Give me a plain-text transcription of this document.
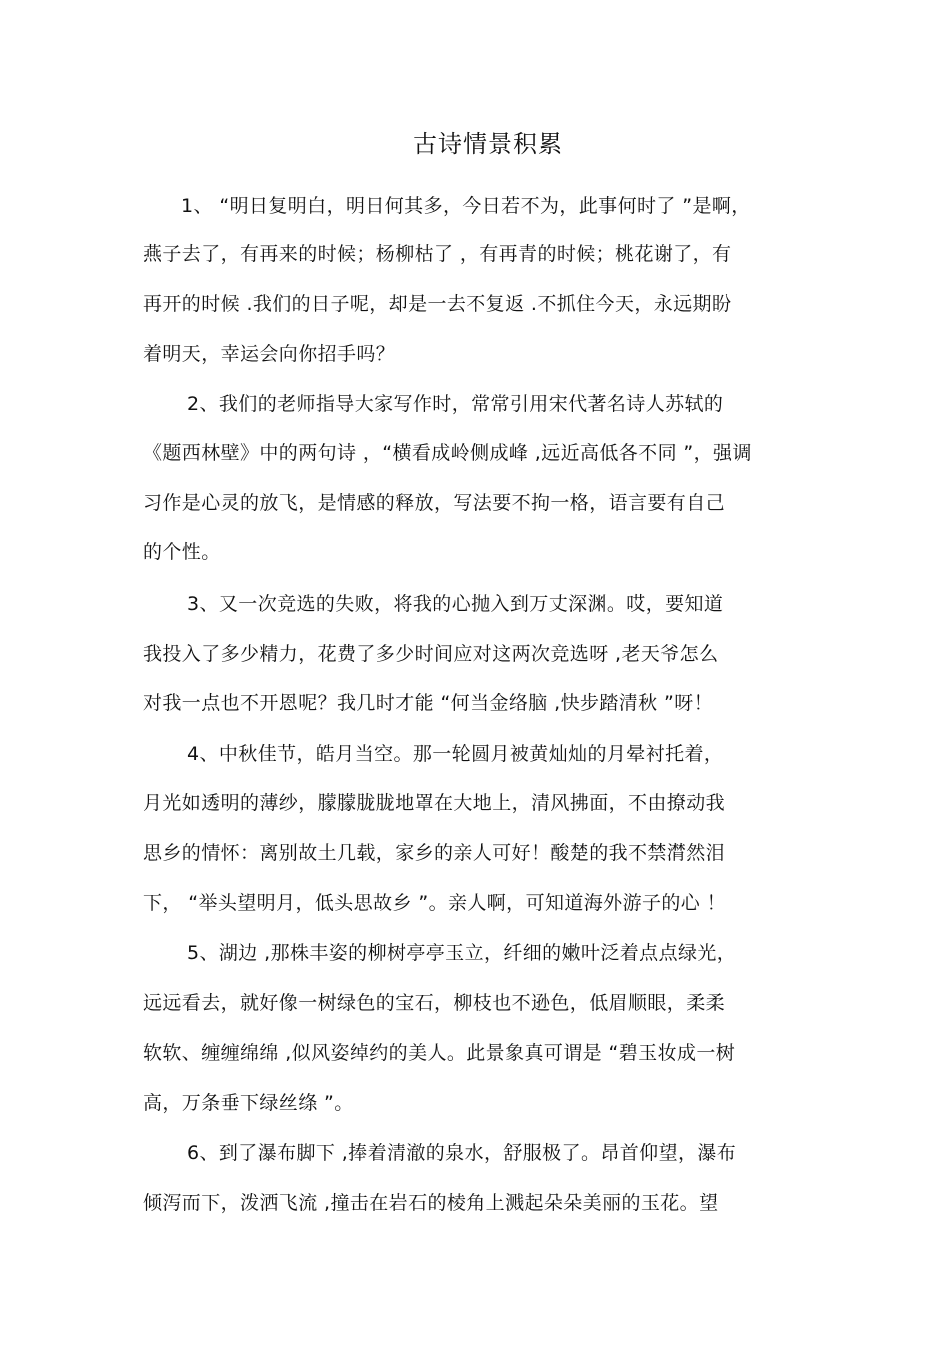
古诗情景积累
1、 “明日复明白，明日何其多，今日若不为，此事何时了 ”是啊，
燕子去了，有再来的时候；杨柳枯了 ，有再青的时候；桃花谢了，有
再开的时候 .我们的日子呢，却是一去不复返 .不抓住今天，永远期盼
着明天，幸运会向你招手吗？
2、我们的老师指导大家写作时，常常引用宋代著名诗人苏轼的
《题西林壁》中的两句诗 ，“横看成岭侧成峰 ,远近高低各不同 ”，强调
习作是心灵的放飞，是情感的释放，写法要不拘一格，语言要有自己
的个性。
3、又一次竞选的失败，将我的心抛入到万丈深渊。哎，要知道
我投入了多少精力，花费了多少时间应对这两次竞选呀 ,老天爷怎么
对我一点也不开恩呢？我几时才能 “何当金络脑 ,快步踏清秋 ”呀！
4、中秋佳节，皓月当空。那一轮圆月被黄灿灿的月晕衬托着，
月光如透明的薄纱，朦朦胧胧地罩在大地上，清风拂面，不由撩动我
思乡的情怀：离别故土几载，家乡的亲人可好！酸楚的我不禁潸然泪
下， “举头望明月，低头思故乡 ”。亲人啊，可知道海外游子的心 ！
5、湖边 ,那株丰姿的柳树亭亭玉立，纤细的嫩叶泛着点点绿光，
远远看去，就好像一树绿色的宝石，柳枝也不逊色，低眉顺眼，柔柔
软软、缠缠绵绵 ,似风姿绰约的美人。此景象真可谓是 “碧玉妆成一树
高，万条垂下绿丝绦 ”。
6、到了瀑布脚下 ,捧着清澈的泉水，舒服极了。昂首仰望，瀑布
倾泻而下，泼洒飞流 ,撞击在岩石的棱角上溅起朵朵美丽的玉花。望
